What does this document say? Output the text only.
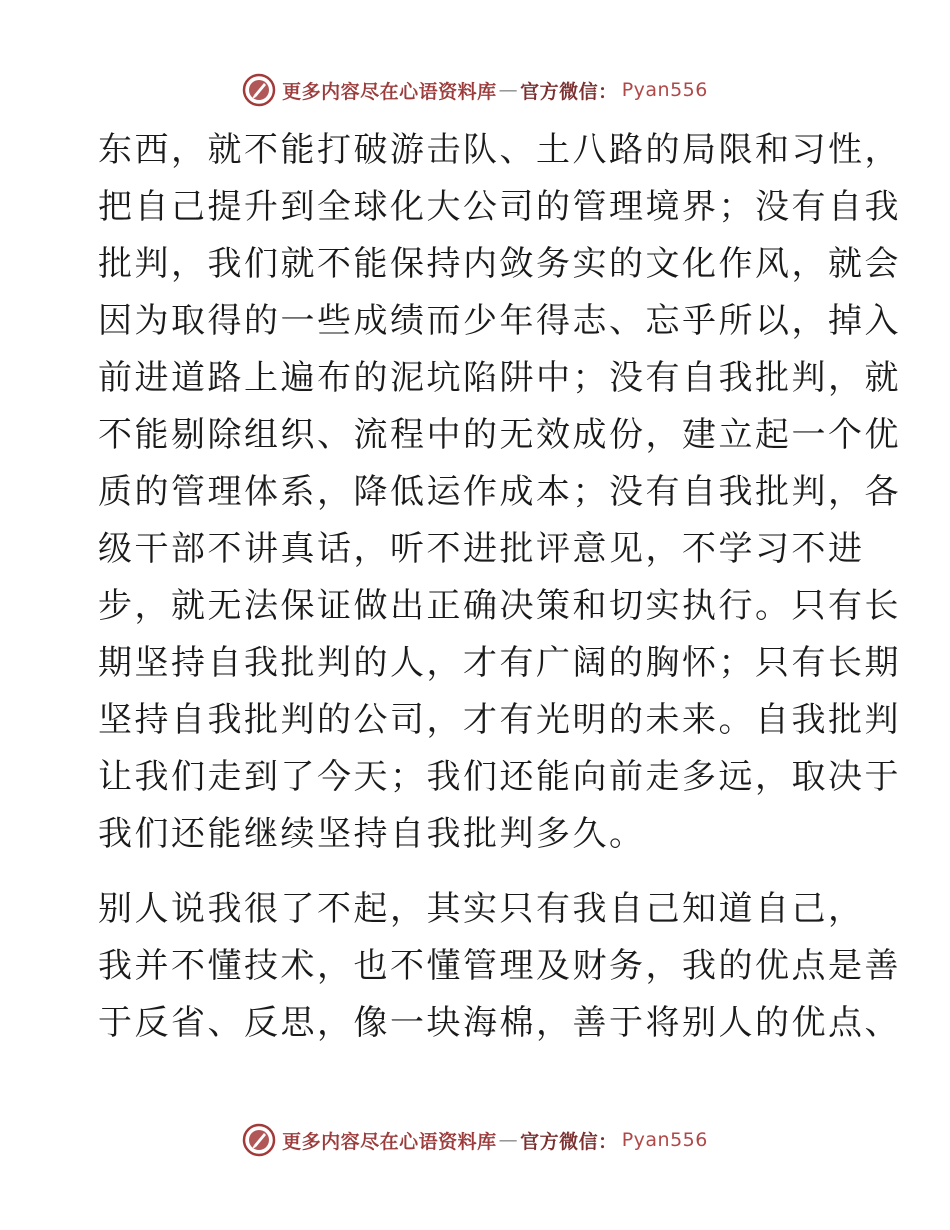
更多内容尽在心语资料库 — 官方微信： Pyan556
东西，就不能打破游击队、土八路的局限和习性，
把自己提升到全球化大公司的管理境界；没有自我
批判，我们就不能保持内敛务实的文化作风，就会
因为取得的一些成绩而少年得志、忘乎所以，掉入
前进道路上遍布的泥坑陷阱中；没有自我批判，就
不能剔除组织、流程中的无效成份，建立起一个优
质的管理体系，降低运作成本；没有自我批判，各
级干部不讲真话，听不进批评意见，不学习不进
步，就无法保证做出正确决策和切实执行。只有长
期坚持自我批判的人，才有广阔的胸怀；只有长期
坚持自我批判的公司，才有光明的未来。自我批判
让我们走到了今天；我们还能向前走多远，取决于
我们还能继续坚持自我批判多久。
别人说我很了不起，其实只有我自己知道自己，
我并不懂技术，也不懂管理及财务，我的优点是善
于反省、反思，像一块海棉，善于将别人的优点、
更多内容尽在心语资料库 — 官方微信： Pyan556
